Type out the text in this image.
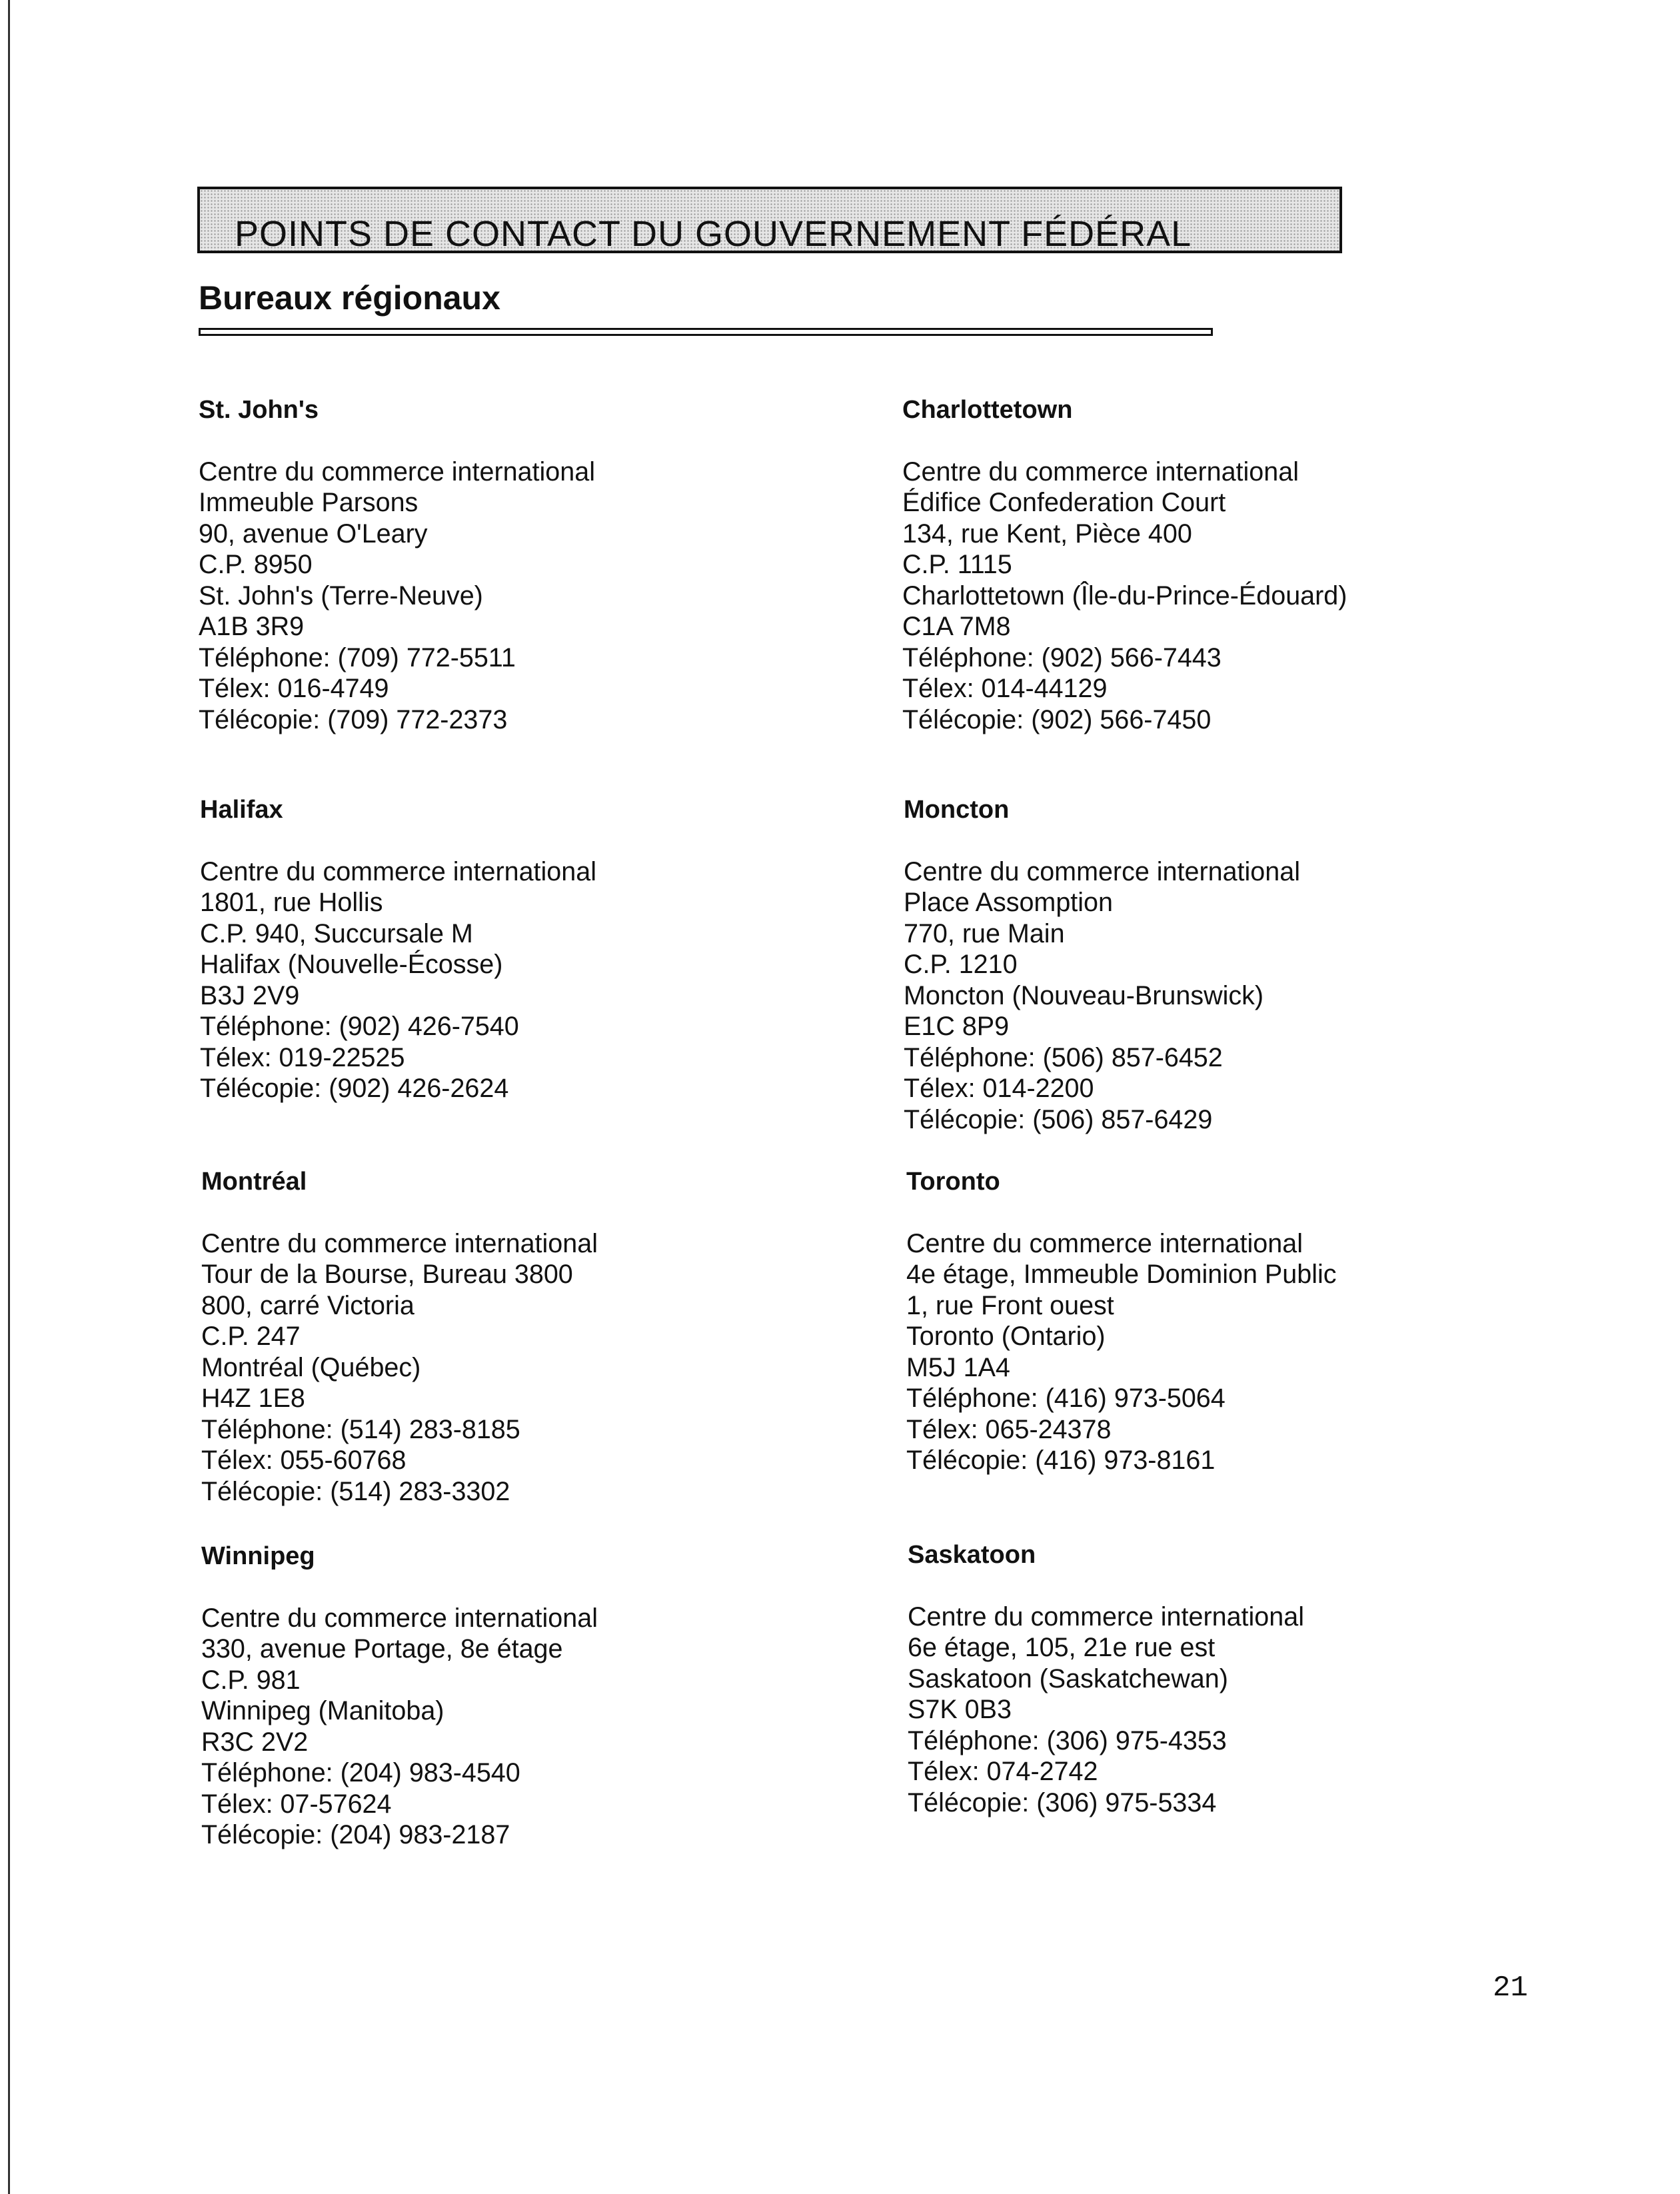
POINTS DE CONTACT DU GOUVERNEMENT FÉDÉRAL
Bureaux régionaux
St. John's
Centre du commerce international
Immeuble Parsons
90, avenue O'Leary
C.P. 8950
St. John's (Terre-Neuve)
A1B 3R9
Téléphone: (709) 772-5511
Télex: 016-4749
Télécopie: (709) 772-2373
Charlottetown
Centre du commerce international
Édifice Confederation Court
134, rue Kent, Pièce 400
C.P. 1115
Charlottetown (Île-du-Prince-Édouard)
C1A 7M8
Téléphone: (902) 566-7443
Télex: 014-44129
Télécopie: (902) 566-7450
Halifax
Centre du commerce international
1801, rue Hollis
C.P. 940, Succursale M
Halifax (Nouvelle-Écosse)
B3J 2V9
Téléphone: (902) 426-7540
Télex: 019-22525
Télécopie: (902) 426-2624
Moncton
Centre du commerce international
Place Assomption
770, rue Main
C.P. 1210
Moncton (Nouveau-Brunswick)
E1C 8P9
Téléphone: (506) 857-6452
Télex: 014-2200
Télécopie: (506) 857-6429
Montréal
Centre du commerce international
Tour de la Bourse, Bureau 3800
800, carré Victoria
C.P. 247
Montréal (Québec)
H4Z 1E8
Téléphone: (514) 283-8185
Télex: 055-60768
Télécopie: (514) 283-3302
Toronto
Centre du commerce international
4e étage, Immeuble Dominion Public
1, rue Front ouest
Toronto (Ontario)
M5J 1A4
Téléphone: (416) 973-5064
Télex: 065-24378
Télécopie: (416) 973-8161
Winnipeg
Centre du commerce international
330, avenue Portage, 8e étage
C.P. 981
Winnipeg (Manitoba)
R3C 2V2
Téléphone: (204) 983-4540
Télex: 07-57624
Télécopie: (204) 983-2187
Saskatoon
Centre du commerce international
6e étage, 105, 21e rue est
Saskatoon (Saskatchewan)
S7K 0B3
Téléphone: (306) 975-4353
Télex: 074-2742
Télécopie: (306) 975-5334
21
